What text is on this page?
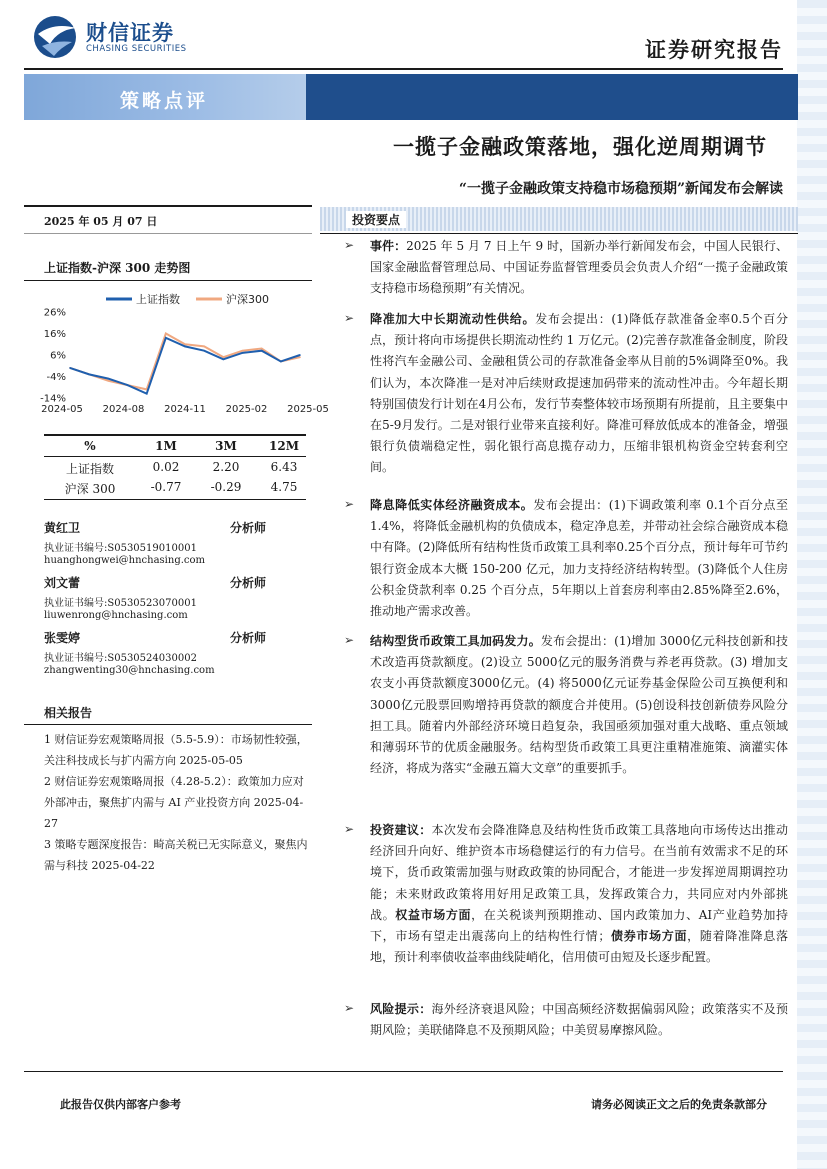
财信证券
CHASING SECURITIES	证券研究报告
策略点评
一揽子金融政策落地，强化逆周期调节
“一揽子金融政策支持稳市场稳预期”新闻发布会解读
2025 年 05 月 07 日
上证指数-沪深 300 走势图
上证指数	沪深300
26%
16%
6%
-4%
-14%
2024-05 2024-08 2024-11 2025-02 2025-05
%	1M	3M	12M
上证指数	0.02	2.20	6.43
沪深 300	-0.77	-0.29	4.75
黄红卫	分析师
执业证书编号:S0530519010001
huanghongwei@hnchasing.com
刘文蕾	分析师
执业证书编号:S0530523070001
liuwenrong@hnchasing.com
张雯婷	分析师
执业证书编号:S0530524030002
zhangwenting30@hnchasing.com
相关报告
1 财信证券宏观策略周报（5.5-5.9）：市场韧性较强，关注科技成长与扩内需方向 2025-05-05
2 财信证券宏观策略周报（4.28-5.2）：政策加力应对外部冲击，聚焦扩内需与 AI 产业投资方向 2025-04-27
3 策略专题深度报告：畸高关税已无实际意义，聚焦内需与科技 2025-04-22
投资要点
➢ 事件：2025 年 5 月 7 日上午 9 时，国新办举行新闻发布会，中国人民银行、国家金融监督管理总局、中国证券监督管理委员会负责人介绍“一揽子金融政策支持稳市场稳预期”有关情况。
➢ 降准加大中长期流动性供给。发布会提出：(1)降低存款准备金率0.5个百分点，预计将向市场提供长期流动性约 1 万亿元。(2)完善存款准备金制度，阶段性将汽车金融公司、金融租赁公司的存款准备金率从目前的5%调降至0%。我们认为，本次降准一是对冲后续财政提速加码带来的流动性冲击。今年超长期特别国债发行计划在4月公布，发行节奏整体较市场预期有所提前，且主要集中在5-9月发行。二是对银行业带来直接利好。降准可释放低成本的准备金，增强银行负债端稳定性，弱化银行高息揽存动力，压缩非银机构资金空转套利空间。
➢ 降息降低实体经济融资成本。发布会提出：(1)下调政策利率 0.1个百分点至1.4%，将降低金融机构的负债成本，稳定净息差，并带动社会综合融资成本稳中有降。(2)降低所有结构性货币政策工具利率0.25个百分点，预计每年可节约银行资金成本大概 150-200 亿元，加力支持经济结构转型。(3)降低个人住房公积金贷款利率 0.25 个百分点，5年期以上首套房利率由2.85%降至2.6%，推动地产需求改善。
➢ 结构型货币政策工具加码发力。发布会提出：(1)增加 3000亿元科技创新和技术改造再贷款额度。(2)设立 5000亿元的服务消费与养老再贷款。(3) 增加支农支小再贷款额度3000亿元。(4) 将5000亿元证券基金保险公司互换便利和3000亿元股票回购增持再贷款的额度合并使用。(5)创设科技创新债券风险分担工具。随着内外部经济环境日趋复杂，我国亟须加强对重大战略、重点领域和薄弱环节的优质金融服务。结构型货币政策工具更注重精准施策、滴灌实体经济，将成为落实“金融五篇大文章”的重要抓手。
➢ 投资建议：本次发布会降准降息及结构性货币政策工具落地向市场传达出推动经济回升向好、维护资本市场稳健运行的有力信号。在当前有效需求不足的环境下，货币政策需加强与财政政策的协同配合，才能进一步发挥逆周期调控功能；未来财政政策将用好用足政策工具，发挥政策合力，共同应对内外部挑战。权益市场方面，在关税谈判预期推动、国内政策加力、AI产业趋势加持下，市场有望走出震荡向上的结构性行情；债券市场方面，随着降准降息落地，预计利率债收益率曲线陡峭化，信用债可由短及长逐步配置。
➢ 风险提示：海外经济衰退风险；中国高频经济数据偏弱风险；政策落实不及预期风险；美联储降息不及预期风险；中美贸易摩擦风险。
此报告仅供内部客户参考	请务必阅读正文之后的免责条款部分
